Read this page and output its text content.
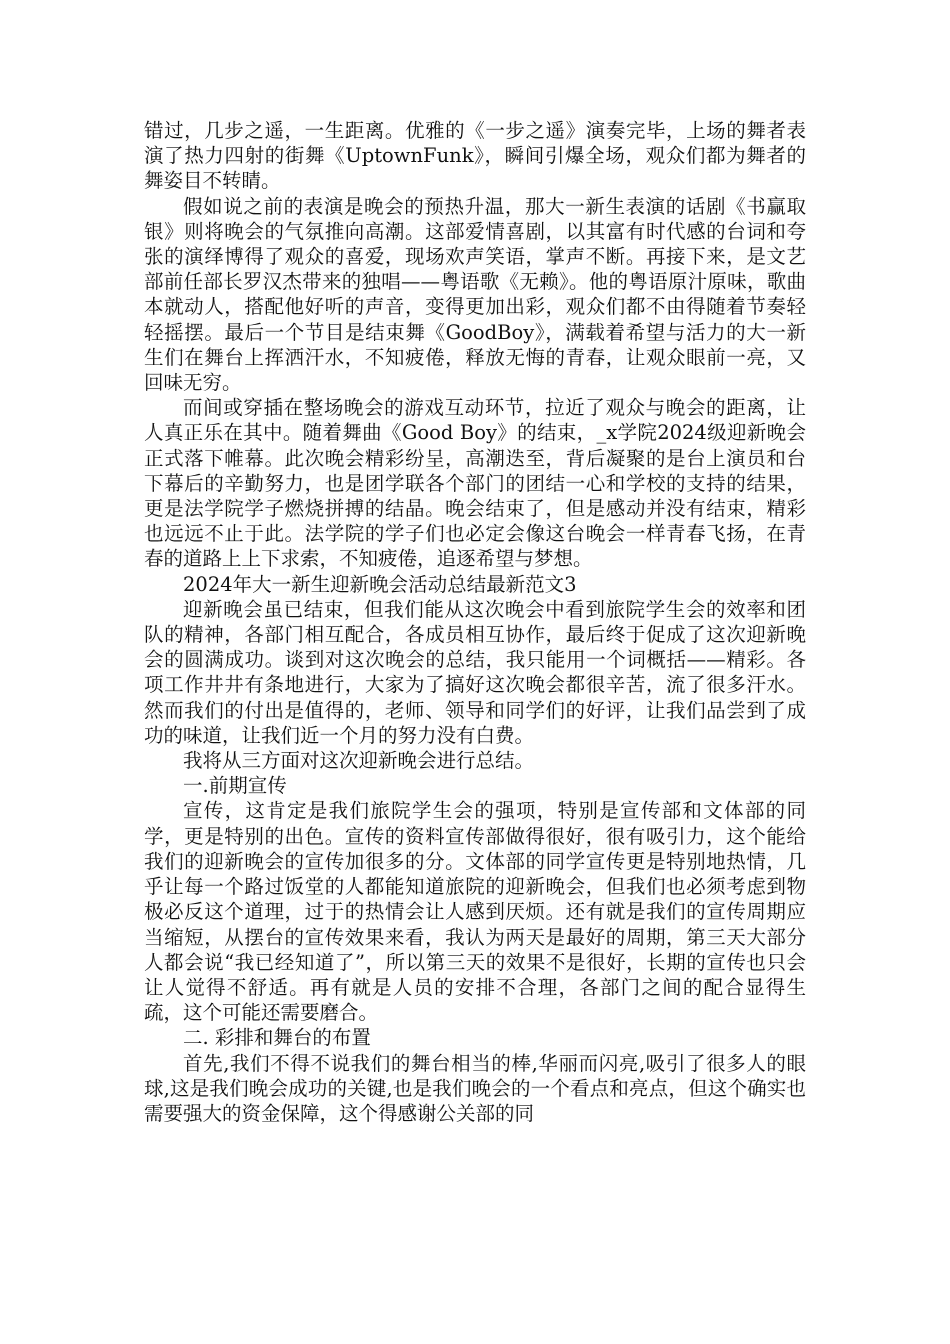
错过，几步之遥，一生距离。优雅的《一步之遥》演奏完毕，上场的舞者表演了热力四射的街舞《UptownFunk》，瞬间引爆全场，观众们都为舞者的舞姿目不转睛。

假如说之前的表演是晚会的预热升温，那大一新生表演的话剧《书赢取银》则将晚会的气氛推向高潮。这部爱情喜剧，以其富有时代感的台词和夸张的演绎博得了观众的喜爱，现场欢声笑语，掌声不断。再接下来，是文艺部前任部长罗汉杰带来的独唱——粤语歌《无赖》。他的粤语原汁原味，歌曲本就动人，搭配他好听的声音，变得更加出彩，观众们都不由得随着节奏轻轻摇摆。最后一个节目是结束舞《GoodBoy》，满载着希望与活力的大一新生们在舞台上挥洒汗水，不知疲倦，释放无悔的青春，让观众眼前一亮，又回味无穷。

而间或穿插在整场晚会的游戏互动环节，拉近了观众与晚会的距离，让人真正乐在其中。随着舞曲《Good Boy》的结束，_x学院2024级迎新晚会正式落下帷幕。此次晚会精彩纷呈，高潮迭至，背后凝聚的是台上演员和台下幕后的辛勤努力，也是团学联各个部门的团结一心和学校的支持的结果，更是法学院学子燃烧拼搏的结晶。晚会结束了，但是感动并没有结束，精彩也远远不止于此。法学院的学子们也必定会像这台晚会一样青春飞扬，在青春的道路上上下求索，不知疲倦，追逐希望与梦想。

2024年大一新生迎新晚会活动总结最新范文3

迎新晚会虽已结束，但我们能从这次晚会中看到旅院学生会的效率和团队的精神，各部门相互配合，各成员相互协作，最后终于促成了这次迎新晚会的圆满成功。谈到对这次晚会的总结，我只能用一个词概括——精彩。各项工作井井有条地进行，大家为了搞好这次晚会都很辛苦，流了很多汗水。然而我们的付出是值得的，老师、领导和同学们的好评，让我们品尝到了成功的味道，让我们近一个月的努力没有白费。

我将从三方面对这次迎新晚会进行总结。

一.前期宣传

宣传，这肯定是我们旅院学生会的强项，特别是宣传部和文体部的同学，更是特别的出色。宣传的资料宣传部做得很好，很有吸引力，这个能给我们的迎新晚会的宣传加很多的分。文体部的同学宣传更是特别地热情，几乎让每一个路过饭堂的人都能知道旅院的迎新晚会，但我们也必须考虑到物极必反这个道理，过于的热情会让人感到厌烦。还有就是我们的宣传周期应当缩短，从摆台的宣传效果来看，我认为两天是最好的周期，第三天大部分人都会说“我已经知道了”，所以第三天的效果不是很好，长期的宣传也只会让人觉得不舒适。再有就是人员的安排不合理，各部门之间的配合显得生疏，这个可能还需要磨合。

二. 彩排和舞台的布置

首先,我们不得不说我们的舞台相当的棒,华丽而闪亮,吸引了很多人的眼球,这是我们晚会成功的关键,也是我们晚会的一个看点和亮点，但这个确实也需要强大的资金保障，这个得感谢公关部的同
